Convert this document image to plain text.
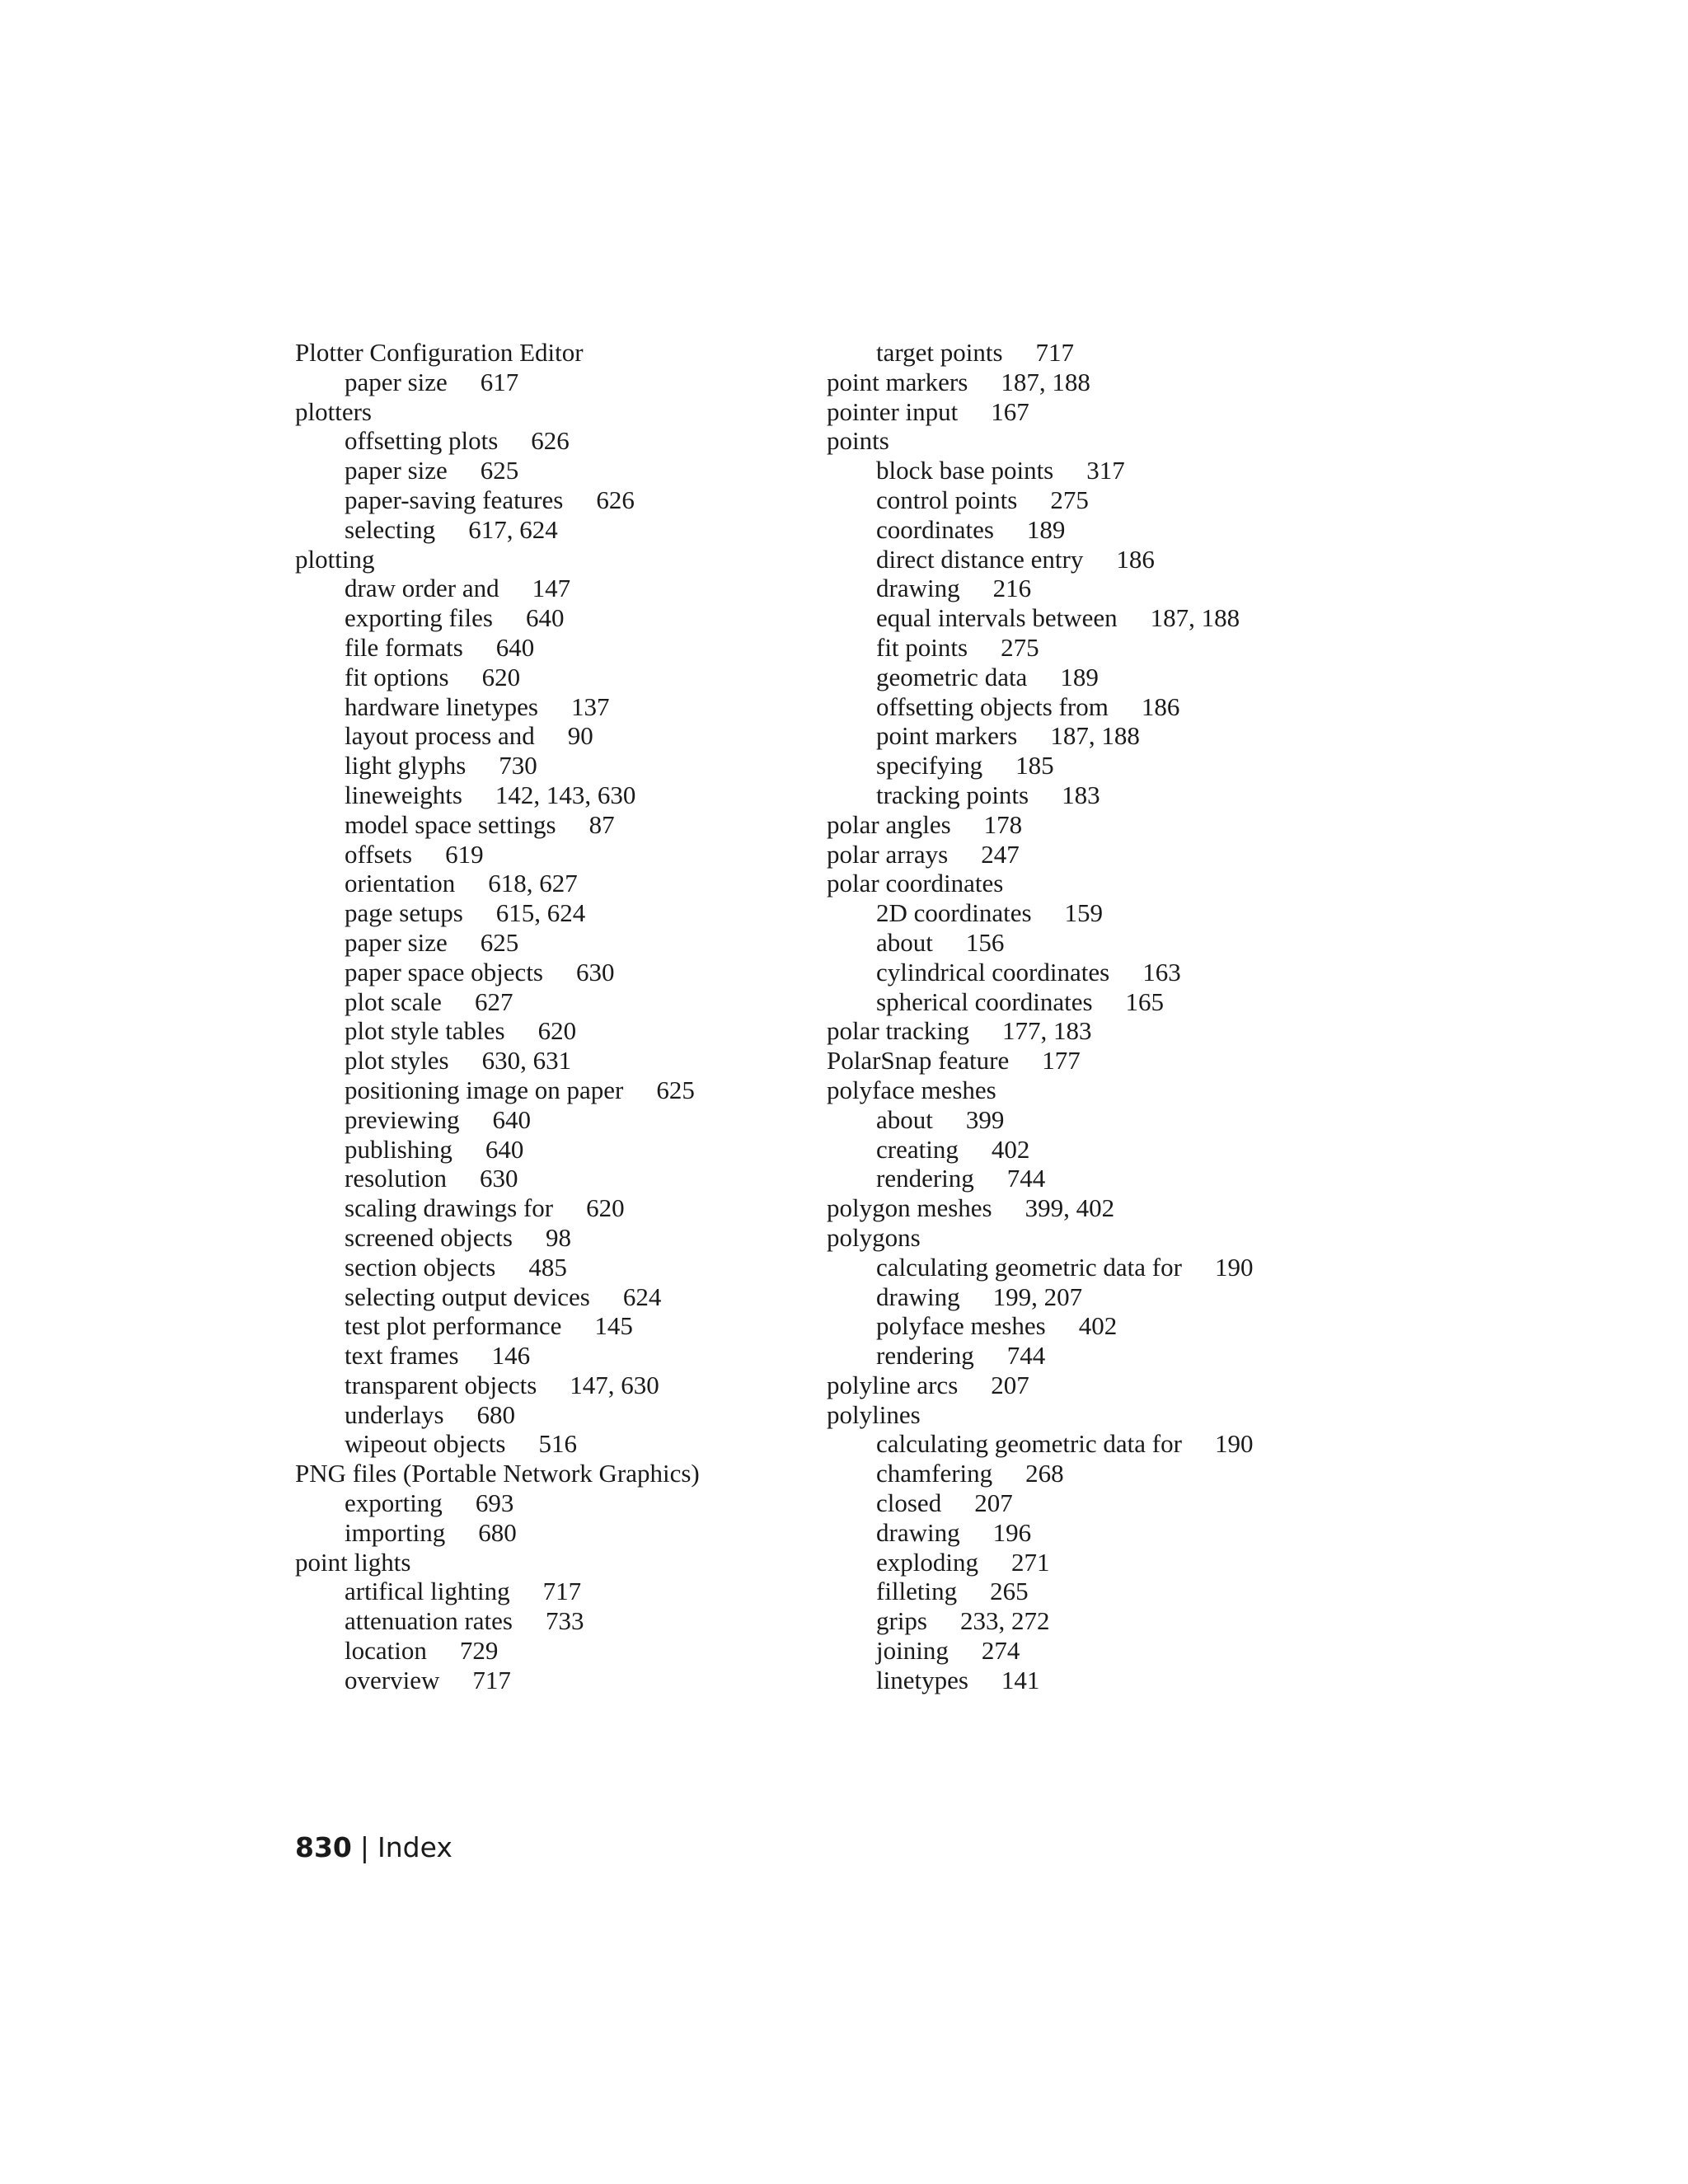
Plotter Configuration Editor
paper size 617
plotters
offsetting plots 626
paper size 625
paper-saving features 626
selecting 617, 624
plotting
draw order and 147
exporting files 640
file formats 640
fit options 620
hardware linetypes 137
layout process and 90
light glyphs 730
lineweights 142, 143, 630
model space settings 87
offsets 619
orientation 618, 627
page setups 615, 624
paper size 625
paper space objects 630
plot scale 627
plot style tables 620
plot styles 630, 631
positioning image on paper 625
previewing 640
publishing 640
resolution 630
scaling drawings for 620
screened objects 98
section objects 485
selecting output devices 624
test plot performance 145
text frames 146
transparent objects 147, 630
underlays 680
wipeout objects 516
PNG files (Portable Network Graphics)
exporting 693
importing 680
point lights
artifical lighting 717
attenuation rates 733
location 729
overview 717
target points 717
point markers 187, 188
pointer input 167
points
block base points 317
control points 275
coordinates 189
direct distance entry 186
drawing 216
equal intervals between 187, 188
fit points 275
geometric data 189
offsetting objects from 186
point markers 187, 188
specifying 185
tracking points 183
polar angles 178
polar arrays 247
polar coordinates
2D coordinates 159
about 156
cylindrical coordinates 163
spherical coordinates 165
polar tracking 177, 183
PolarSnap feature 177
polyface meshes
about 399
creating 402
rendering 744
polygon meshes 399, 402
polygons
calculating geometric data for 190
drawing 199, 207
polyface meshes 402
rendering 744
polyline arcs 207
polylines
calculating geometric data for 190
chamfering 268
closed 207
drawing 196
exploding 271
filleting 265
grips 233, 272
joining 274
linetypes 141
830 | Index
